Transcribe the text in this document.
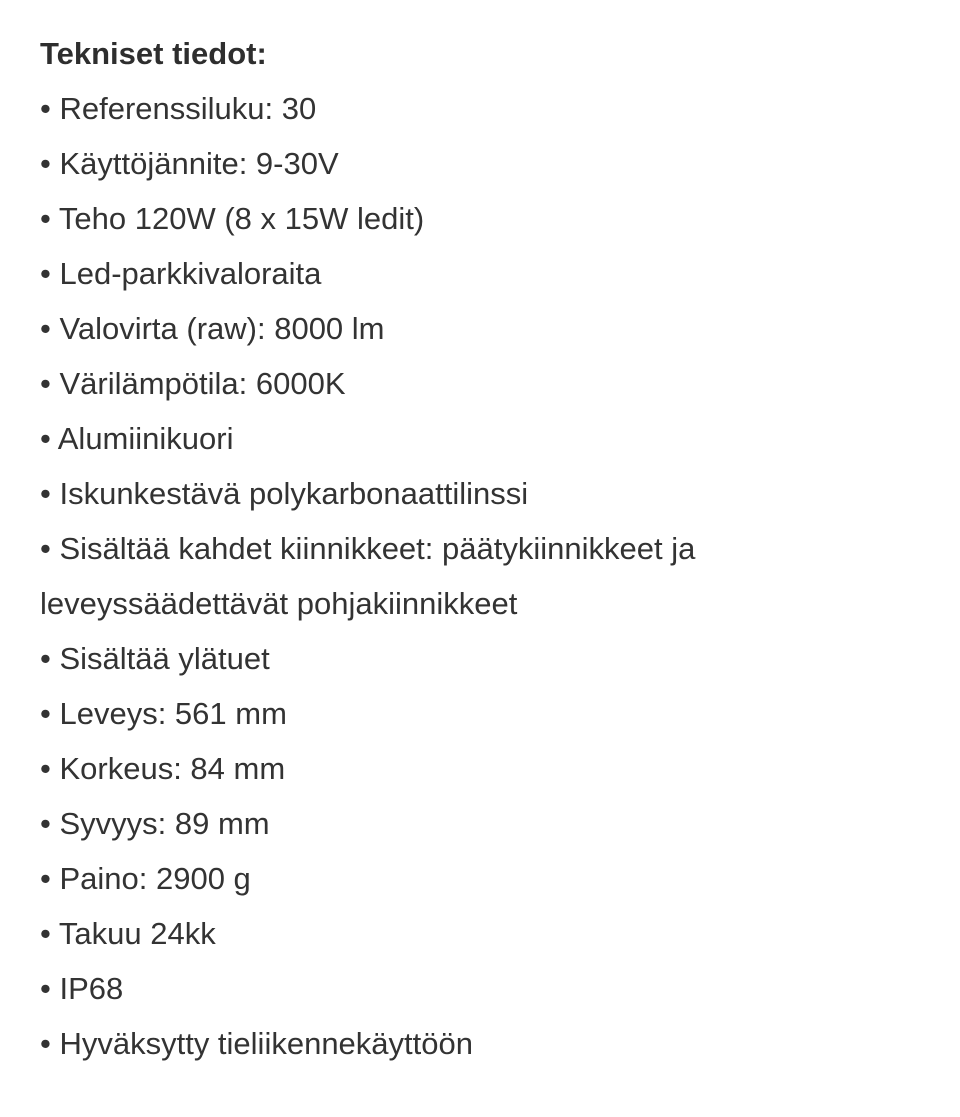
Tekniset tiedot:
• Referenssiluku: 30
• Käyttöjännite: 9-30V
• Teho 120W (8 x 15W ledit)
• Led-parkkivaloraita
• Valovirta (raw): 8000 lm
• Värilämpötila: 6000K
• Alumiinikuori
• Iskunkestävä polykarbonaattilinssi
• Sisältää kahdet kiinnikkeet: päätykiinnikkeet ja leveyssäädettävät pohjakiinnikkeet
• Sisältää ylätuet
• Leveys: 561 mm
• Korkeus: 84 mm
• Syvyys: 89 mm
• Paino: 2900 g
• Takuu 24kk
• IP68
• Hyväksytty tieliikennekäyttöön
